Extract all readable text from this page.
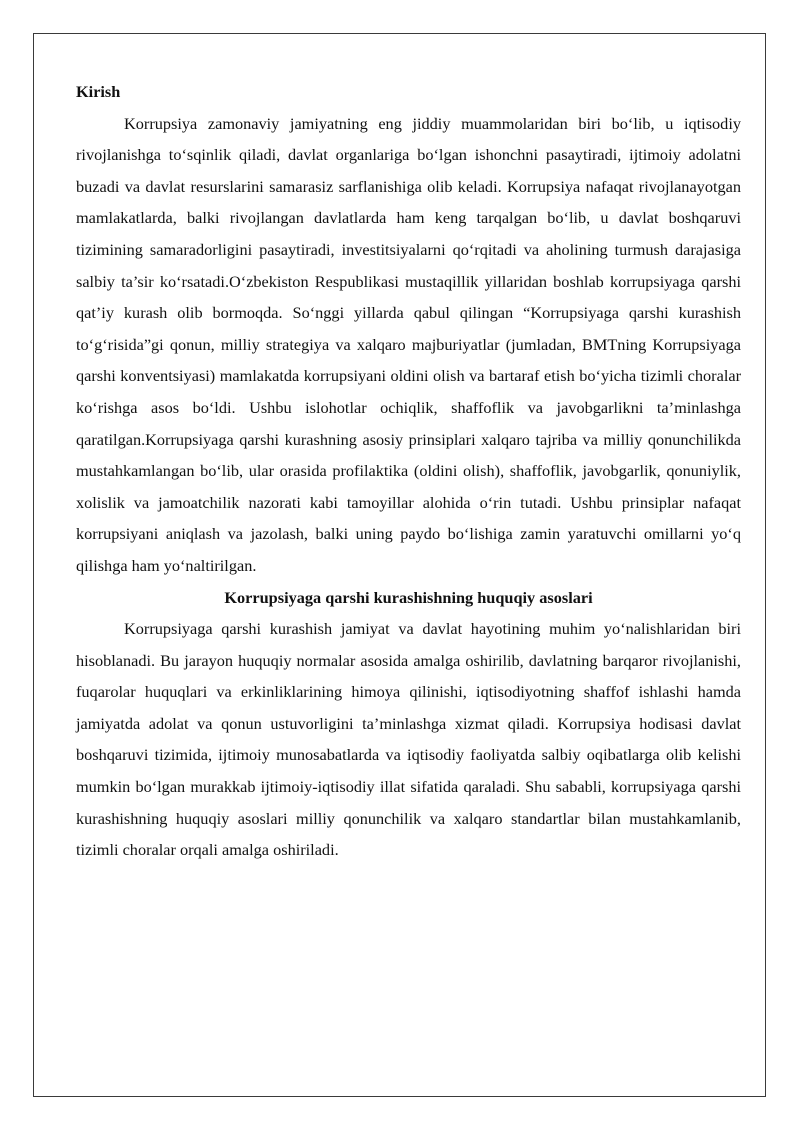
Kirish

Korrupsiya zamonaviy jamiyatning eng jiddiy muammolaridan biri bo‘lib, u iqtisodiy rivojlanishga to‘sqinlik qiladi, davlat organlariga bo‘lgan ishonchni pasaytiradi, ijtimoiy adolatni buzadi va davlat resurslarini samarasiz sarflanishiga olib keladi. Korrupsiya nafaqat rivojlanayotgan mamlakatlarda, balki rivojlangan davlatlarda ham keng tarqalgan bo‘lib, u davlat boshqaruvi tizimining samaradorligini pasaytiradi, investitsiyalarni qo‘rqitadi va aholining turmush darajasiga salbiy ta’sir ko‘rsatadi.O‘zbekiston Respublikasi mustaqillik yillaridan boshlab korrupsiyaga qarshi qat’iy kurash olib bormoqda. So‘nggi yillarda qabul qilingan “Korrupsiyaga qarshi kurashish to‘g‘risida”gi qonun, milliy strategiya va xalqaro majburiyatlar (jumladan, BMTning Korrupsiyaga qarshi konventsiyasi) mamlakatda korrupsiyani oldini olish va bartaraf etish bo‘yicha tizimli choralar ko‘rishga asos bo‘ldi. Ushbu islohotlar ochiqlik, shaffoflik va javobgarlikni ta’minlashga qaratilgan.Korrupsiyaga qarshi kurashning asosiy prinsiplari xalqaro tajriba va milliy qonunchilikda mustahkamlangan bo‘lib, ular orasida profilaktika (oldini olish), shaffoflik, javobgarlik, qonuniylik, xolislik va jamoatchilik nazorati kabi tamoyillar alohida o‘rin tutadi. Ushbu prinsiplar nafaqat korrupsiyani aniqlash va jazolash, balki uning paydo bo‘lishiga zamin yaratuvchi omillarni yo‘q qilishga ham yo‘naltirilgan.

Korrupsiyaga qarshi kurashishning huquqiy asoslari

Korrupsiyaga qarshi kurashish jamiyat va davlat hayotining muhim yo‘nalishlaridan biri hisoblanadi. Bu jarayon huquqiy normalar asosida amalga oshirilib, davlatning barqaror rivojlanishi, fuqarolar huquqlari va erkinliklarining himoya qilinishi, iqtisodiyotning shaffof ishlashi hamda jamiyatda adolat va qonun ustuvorligini ta’minlashga xizmat qiladi. Korrupsiya hodisasi davlat boshqaruvi tizimida, ijtimoiy munosabatlarda va iqtisodiy faoliyatda salbiy oqibatlarga olib kelishi mumkin bo‘lgan murakkab ijtimoiy-iqtisodiy illat sifatida qaraladi. Shu sababli, korrupsiyaga qarshi kurashishning huquqiy asoslari milliy qonunchilik va xalqaro standartlar bilan mustahkamlanib, tizimli choralar orqali amalga oshiriladi.
